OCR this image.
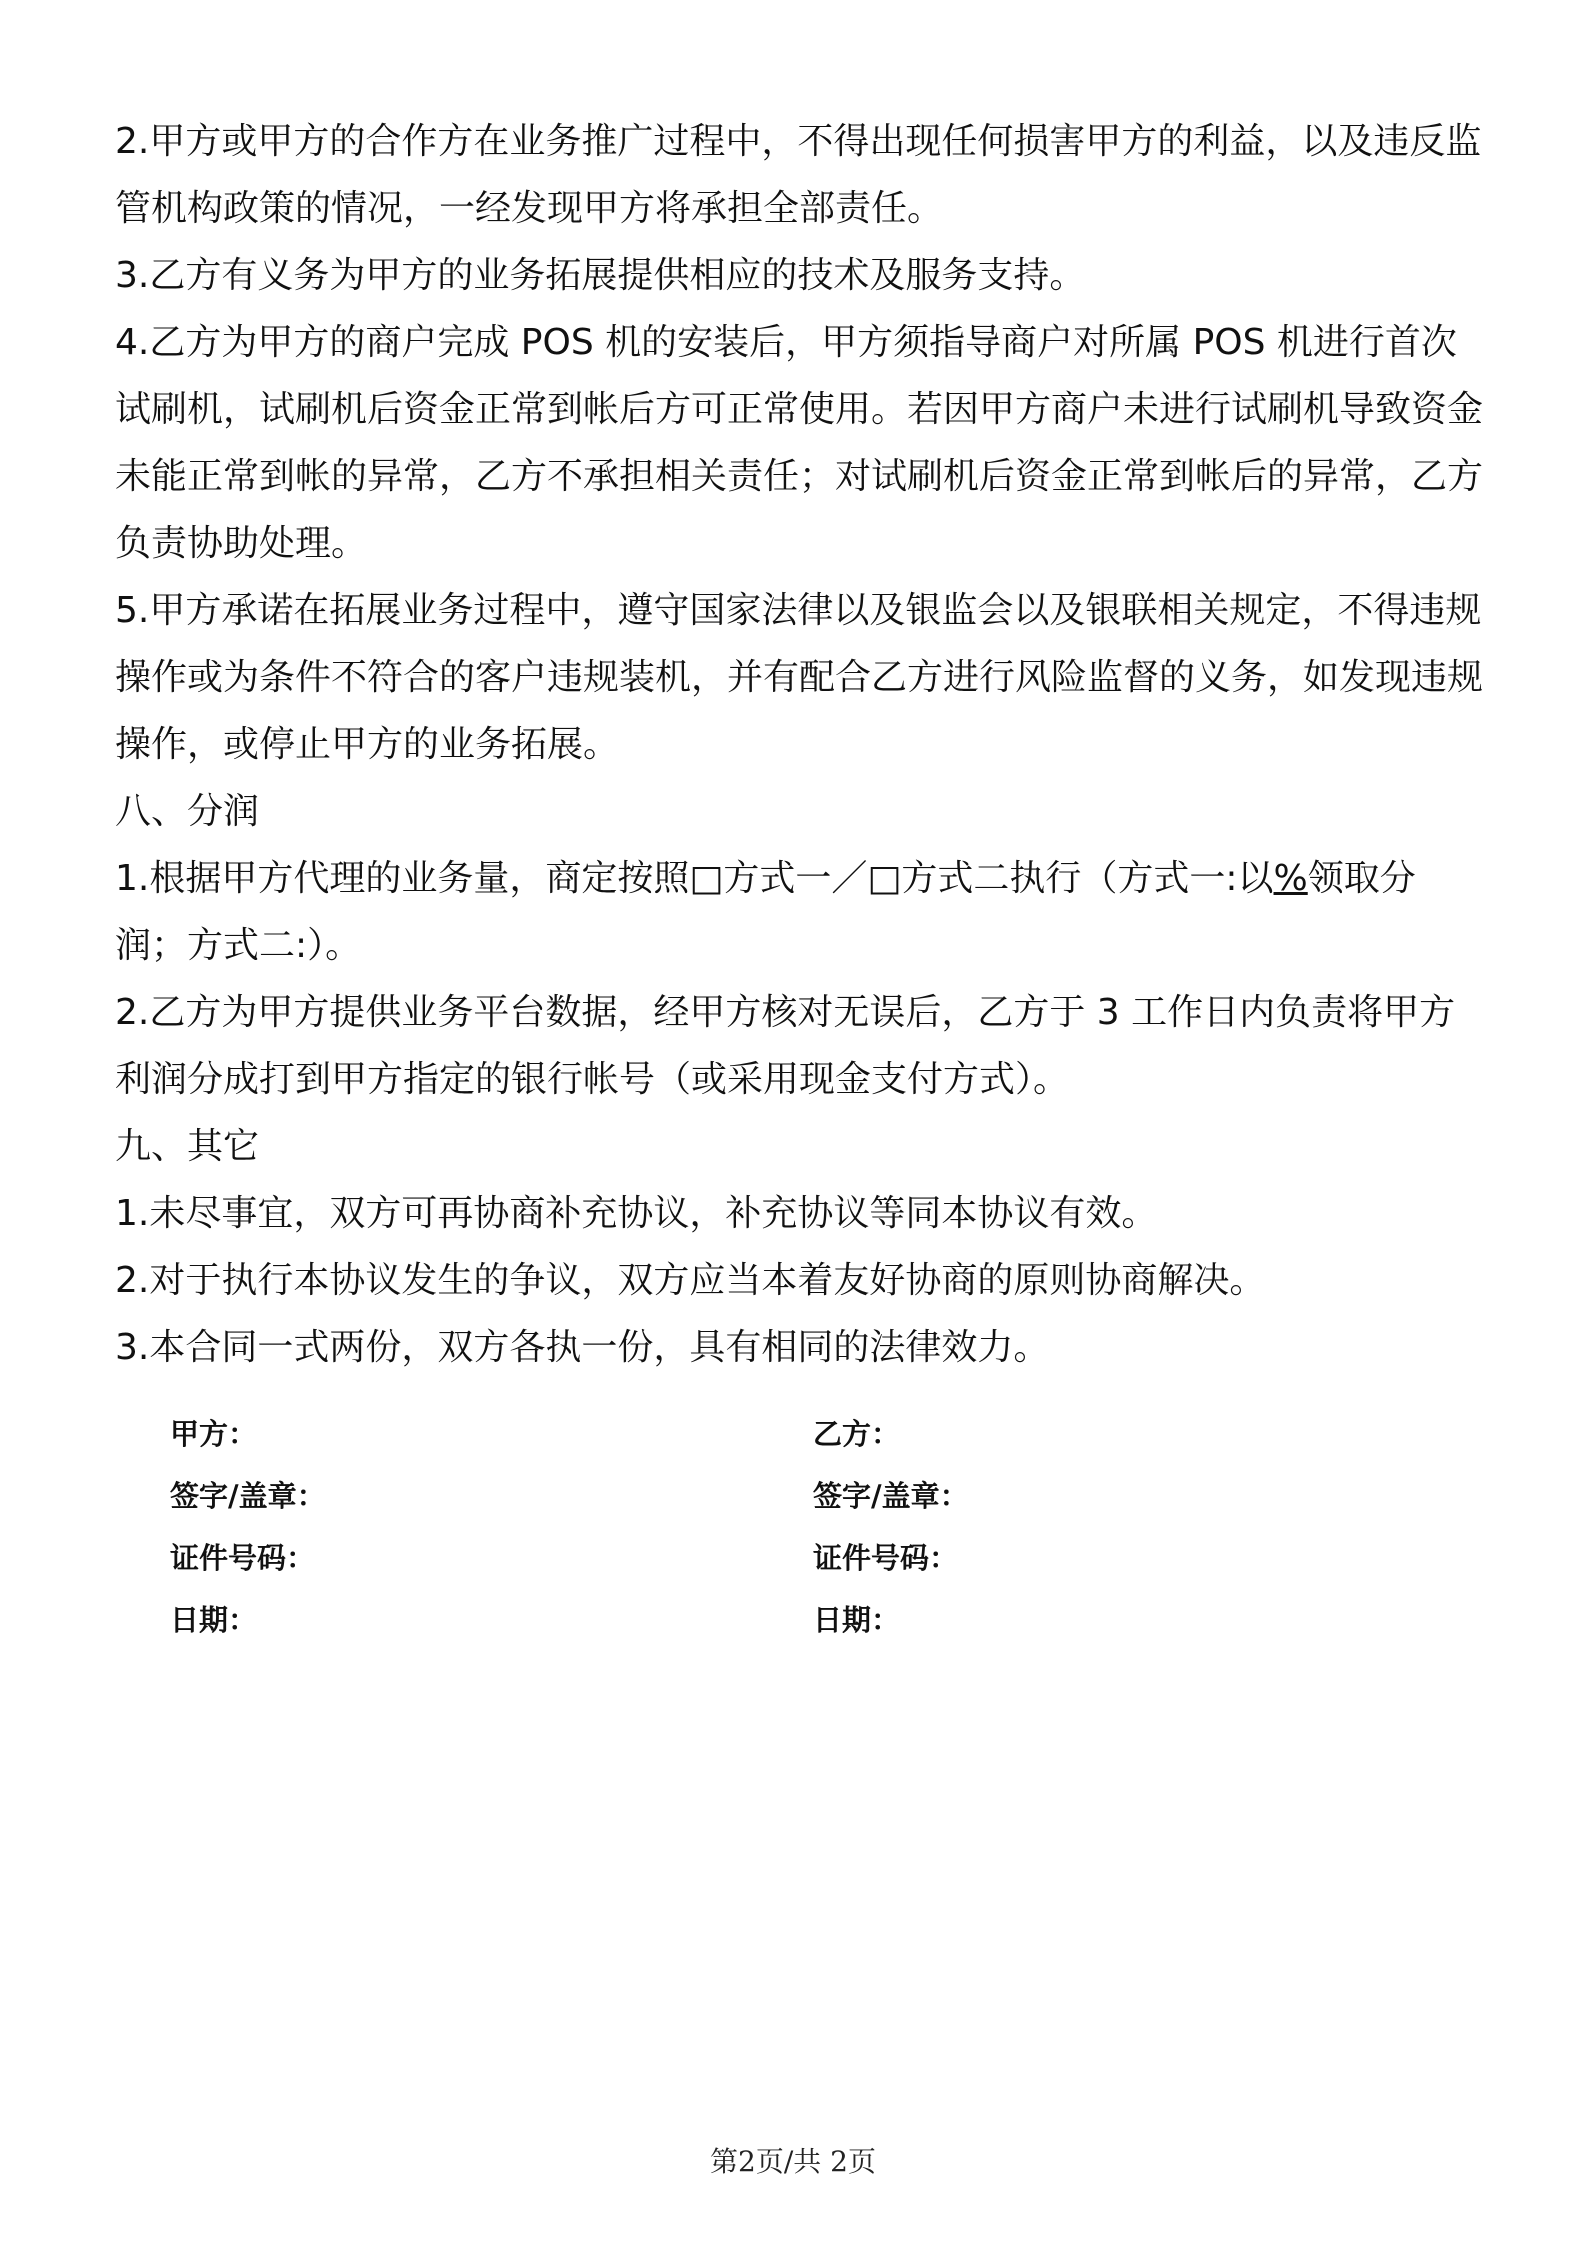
2.甲方或甲方的合作方在业务推广过程中，不得出现任何损害甲方的利益，以及违反监管机构政策的情况，一经发现甲方将承担全部责任。

3.乙方有义务为甲方的业务拓展提供相应的技术及服务支持。

4.乙方为甲方的商户完成 POS 机的安装后，甲方须指导商户对所属 POS 机进行首次试刷机，试刷机后资金正常到帐后方可正常使用。若因甲方商户未进行试刷机导致资金未能正常到帐的异常，乙方不承担相关责任；对试刷机后资金正常到帐后的异常，乙方负责协助处理。

5.甲方承诺在拓展业务过程中，遵守国家法律以及银监会以及银联相关规定，不得违规操作或为条件不符合的客户违规装机，并有配合乙方进行风险监督的义务，如发现违规操作，或停止甲方的业务拓展。

八、分润

1.根据甲方代理的业务量，商定按照□方式一／□方式二执行（方式一:以%领取分润；方式二:）。

2.乙方为甲方提供业务平台数据，经甲方核对无误后，乙方于 3 工作日内负责将甲方利润分成打到甲方指定的银行帐号（或采用现金支付方式）。

九、其它

1.未尽事宜，双方可再协商补充协议，补充协议等同本协议有效。

2.对于执行本协议发生的争议，双方应当本着友好协商的原则协商解决。

3.本合同一式两份，双方各执一份，具有相同的法律效力。

甲方：	乙方：
签字/盖章：	签字/盖章：
证件号码：	证件号码：
日期：	日期：
第2页/共 2页
